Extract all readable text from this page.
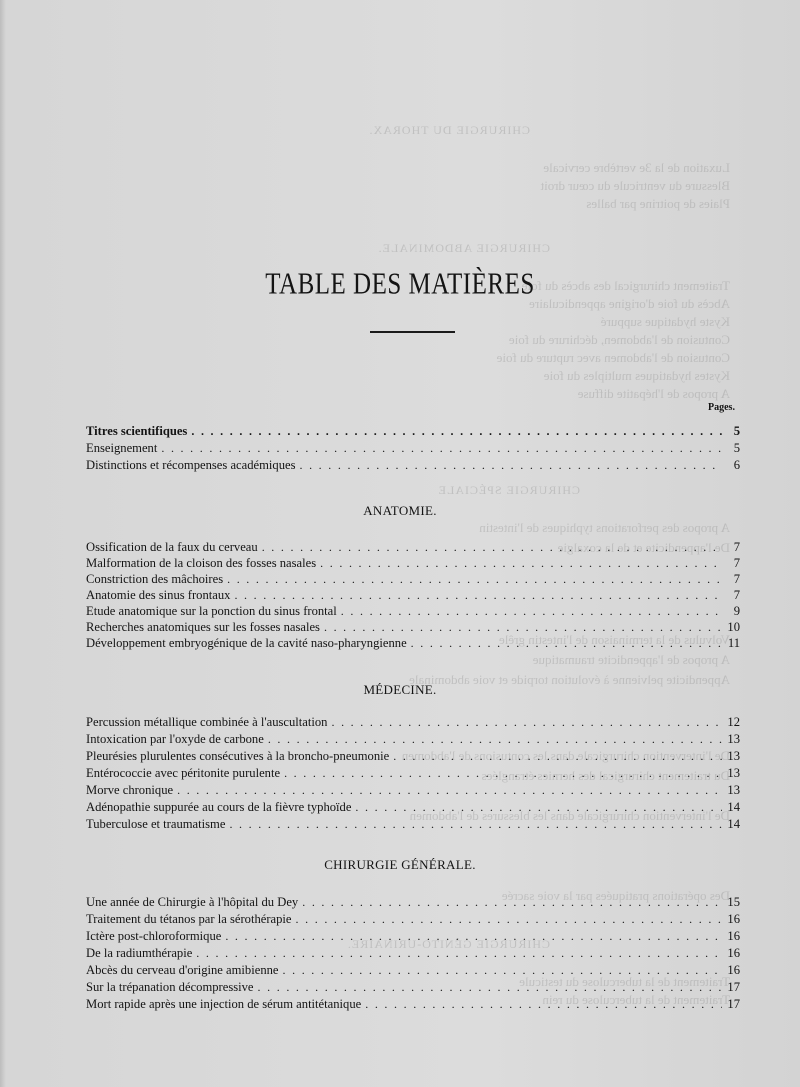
CHIRURGIE DU THORAX.
Luxation de la 3e vertèbre cervicale
Blessure du ventricule du cœur droit
Plaies de poitrine par balles
CHIRURGIE ABDOMINALE.
Traitement chirurgical des abcès du foie
Abcès du foie d'origine appendiculaire
Kyste hydatique suppuré
Contusion de l'abdomen, déchirure du foie
Contusion de l'abdomen avec rupture du foie
Kystes hydatiques multiples du foie
A propos de l'hépatite diffuse
CHIRURGIE SPÉCIALE
A propos des perforations typhiques de l'intestin
De l'appendicite et de la coxalgie
Volvulus de la terminaison de l'intestin grêle
A propos de l'appendicite traumatique
Appendicite pelvienne à évolution torpide et voie abdominale
De l'intervention chirurgicale dans les contusions de l'abdomen
Du traitement chirurgical des hernies étranglées
De l'intervention chirurgicale dans les blessures de l'abdomen
Des opérations pratiquées par la voie sacrée
CHIRURGIE GÉNITO-URINAIRE.
Traitement de la tuberculose du testicule
Traitement de la tuberculose du rein
TABLE DES MATIÈRES
Pages.
Titres scientifiques . . .	5
Enseignement . . .	5
Distinctions et récompenses académiques . . .	6
ANATOMIE.
Ossification de la faux du cerveau . . .	7
Malformation de la cloison des fosses nasales . . .	7
Constriction des mâchoires . . .	7
Anatomie des sinus frontaux . . .	7
Etude anatomique sur la ponction du sinus frontal . . .	9
Recherches anatomiques sur les fosses nasales . . .	10
Développement embryogénique de la cavité naso-pharyngienne . . .	11
MÉDECINE.
Percussion métallique combinée à l'auscultation . . .	12
Intoxication par l'oxyde de carbone . . .	13
Pleurésies plurulentes consécutives à la broncho-pneumonie . . .	13
Entérococcie avec péritonite purulente . . .	13
Morve chronique . . .	13
Adénopathie suppurée au cours de la fièvre typhoïde . . .	14
Tuberculose et traumatisme . . .	14
CHIRURGIE GÉNÉRALE.
Une année de Chirurgie à l'hôpital du Dey . . .	15
Traitement du tétanos par la sérothérapie . . .	16
Ictère post-chloroformique . . .	16
De la radiumthérapie . . .	16
Abcès du cerveau d'origine amibienne . . .	16
Sur la trépanation décompressive . . .	17
Mort rapide après une injection de sérum antitétanique . . .	17
